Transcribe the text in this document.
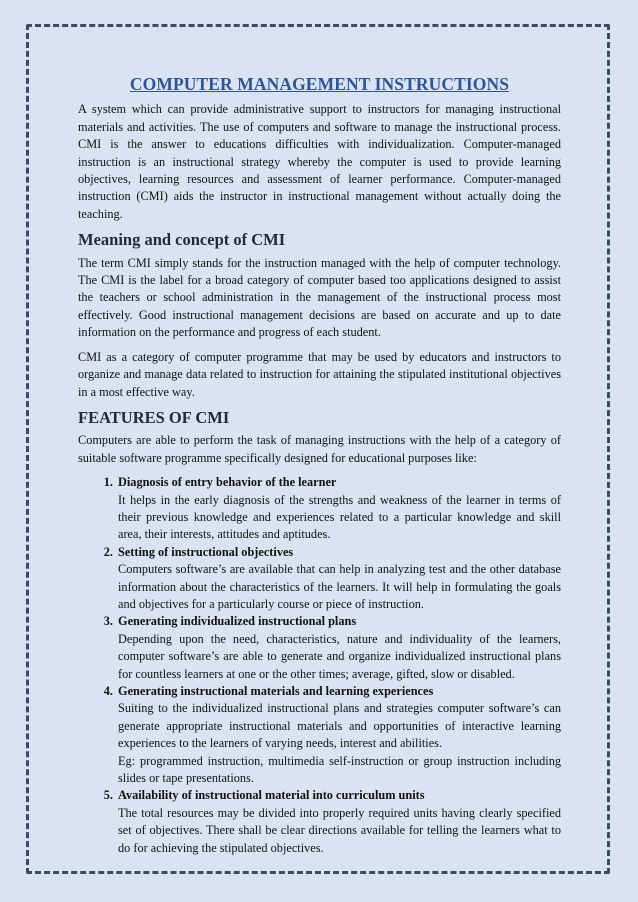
COMPUTER MANAGEMENT INSTRUCTIONS

A system which can provide administrative support to instructors for managing instructional materials and activities. The use of computers and software to manage the instructional process. CMI is the answer to educations difficulties with individualization. Computer-managed instruction is an instructional strategy whereby the computer is used to provide learning objectives, learning resources and assessment of learner performance. Computer-managed instruction (CMI) aids the instructor in instructional management without actually doing the teaching.

Meaning and concept of CMI

The term CMI simply stands for the instruction managed with the help of computer technology. The CMI is the label for a broad category of computer based too applications designed to assist the teachers or school administration in the management of the instructional process most effectively. Good instructional management decisions are based on accurate and up to date information on the performance and progress of each student.

CMI as a category of computer programme that may be used by educators and instructors to organize and manage data related to instruction for attaining the stipulated institutional objectives in a most effective way.

FEATURES OF CMI

Computers are able to perform the task of managing instructions with the help of a category of suitable software programme specifically designed for educational purposes like:

1. Diagnosis of entry behavior of the learner
It helps in the early diagnosis of the strengths and weakness of the learner in terms of their previous knowledge and experiences related to a particular knowledge and skill area, their interests, attitudes and aptitudes.
2. Setting of instructional objectives
Computers software’s are available that can help in analyzing test and the other database information about the characteristics of the learners. It will help in formulating the goals and objectives for a particularly course or piece of instruction.
3. Generating individualized instructional plans
Depending upon the need, characteristics, nature and individuality of the learners, computer software’s are able to generate and organize individualized instructional plans for countless learners at one or the other times; average, gifted, slow or disabled.
4. Generating instructional materials and learning experiences
Suiting to the individualized instructional plans and strategies computer software’s can generate appropriate instructional materials and opportunities of interactive learning experiences to the learners of varying needs, interest and abilities.
Eg: programmed instruction, multimedia self-instruction or group instruction including slides or tape presentations.
5. Availability of instructional material into curriculum units
The total resources may be divided into properly required units having clearly specified set of objectives. There shall be clear directions available for telling the learners what to do for achieving the stipulated objectives.
